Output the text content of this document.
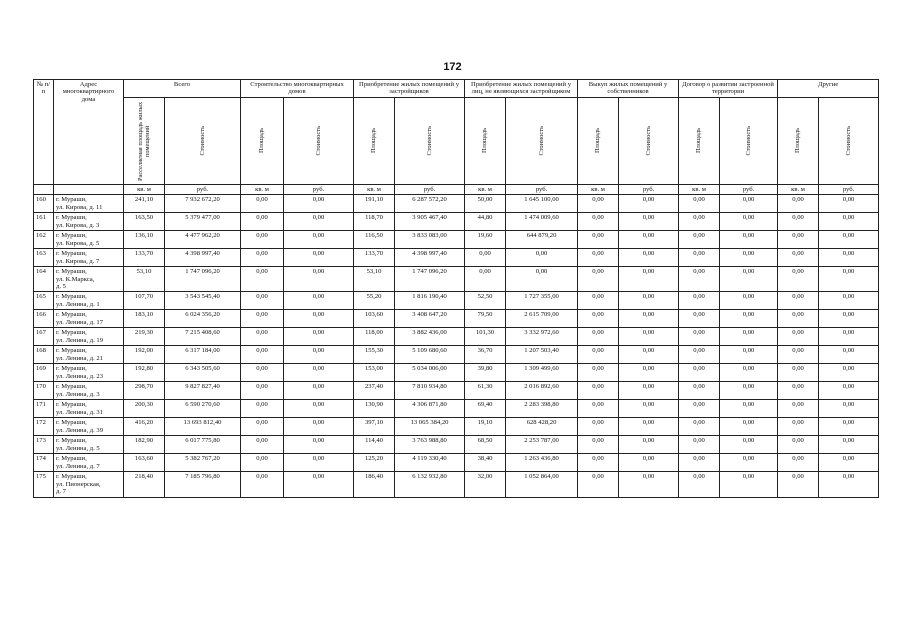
172
№ п/п	Адрес многоквартирного дома	Всего		Строительство многоквартирных домов		Приобретение жилых помещений у застройщиков		Приобретение жилых помещений у лиц, не являющихся застройщиком		Выкуп жилых помещений у собственников		Договор о развитии застроенной территории		Другие	

		Расселяемая площадь жилых помещений	Стоимость	Площадь	Стоимость	Площадь	Стоимость	Площадь	Стоимость	Площадь	Стоимость	Площадь	Стоимость	Площадь	Стоимость

		кв. м	руб.	кв. м	руб.	кв. м	руб.	кв. м	руб.	кв. м	руб.	кв. м	руб.	кв. м	руб.
160	г. Мураши,
ул. Кирова, д. 11	241,10	7 932 672,20	0,00	0,00	191,10	6 287 572,20	50,00	1 645 100,00	0,00	0,00	0,00	0,00	0,00	0,00
161	г. Мураши,
ул. Кирова, д. 3	163,50	5 379 477,00	0,00	0,00	118,70	3 905 467,40	44,80	1 474 009,60	0,00	0,00	0,00	0,00	0,00	0,00
162	г. Мураши,
ул. Кирова, д. 5	136,10	4 477 962,20	0,00	0,00	116,50	3 833 083,00	19,60	644 879,20	0,00	0,00	0,00	0,00	0,00	0,00
163	г. Мураши,
ул. Кирова, д. 7	133,70	4 398 997,40	0,00	0,00	133,70	4 398 997,40	0,00	0,00	0,00	0,00	0,00	0,00	0,00	0,00
164	г. Мураши,
ул. К.Маркса,
д. 5	53,10	1 747 096,20	0,00	0,00	53,10	1 747 096,20	0,00	0,00	0,00	0,00	0,00	0,00	0,00	0,00
165	г. Мураши,
ул. Ленина, д. 1	107,70	3 543 545,40	0,00	0,00	55,20	1 816 190,40	52,50	1 727 355,00	0,00	0,00	0,00	0,00	0,00	0,00
166	г. Мураши,
ул. Ленина, д. 17	183,10	6 024 356,20	0,00	0,00	103,60	3 408 647,20	79,50	2 615 709,00	0,00	0,00	0,00	0,00	0,00	0,00
167	г. Мураши,
ул. Ленина, д. 19	219,30	7 215 408,60	0,00	0,00	118,00	3 882 436,00	101,30	3 332 972,60	0,00	0,00	0,00	0,00	0,00	0,00
168	г. Мураши,
ул. Ленина, д. 21	192,00	6 317 184,00	0,00	0,00	155,30	5 109 680,60	36,70	1 207 503,40	0,00	0,00	0,00	0,00	0,00	0,00
169	г. Мураши,
ул. Ленина, д. 23	192,80	6 343 505,60	0,00	0,00	153,00	5 034 006,00	39,80	1 309 499,60	0,00	0,00	0,00	0,00	0,00	0,00
170	г. Мураши,
ул. Ленина, д. 3	298,70	9 827 827,40	0,00	0,00	237,40	7 810 934,80	61,30	2 016 892,60	0,00	0,00	0,00	0,00	0,00	0,00
171	г. Мураши,
ул. Ленина, д. 31	200,30	6 590 270,60	0,00	0,00	130,90	4 306 871,80	69,40	2 283 398,80	0,00	0,00	0,00	0,00	0,00	0,00
172	г. Мураши,
ул. Ленина, д. 39	416,20	13 693 812,40	0,00	0,00	397,10	13 065 384,20	19,10	628 428,20	0,00	0,00	0,00	0,00	0,00	0,00
173	г. Мураши,
ул. Ленина, д. 5	182,90	6 017 775,80	0,00	0,00	114,40	3 763 988,80	68,50	2 253 787,00	0,00	0,00	0,00	0,00	0,00	0,00
174	г. Мураши,
ул. Ленина, д. 7	163,60	5 382 767,20	0,00	0,00	125,20	4 119 330,40	38,40	1 263 436,80	0,00	0,00	0,00	0,00	0,00	0,00
175	г. Мураши,
ул. Пионерская,
д. 7	218,40	7 185 796,80	0,00	0,00	186,40	6 132 932,80	32,00	1 052 864,00	0,00	0,00	0,00	0,00	0,00	0,00
